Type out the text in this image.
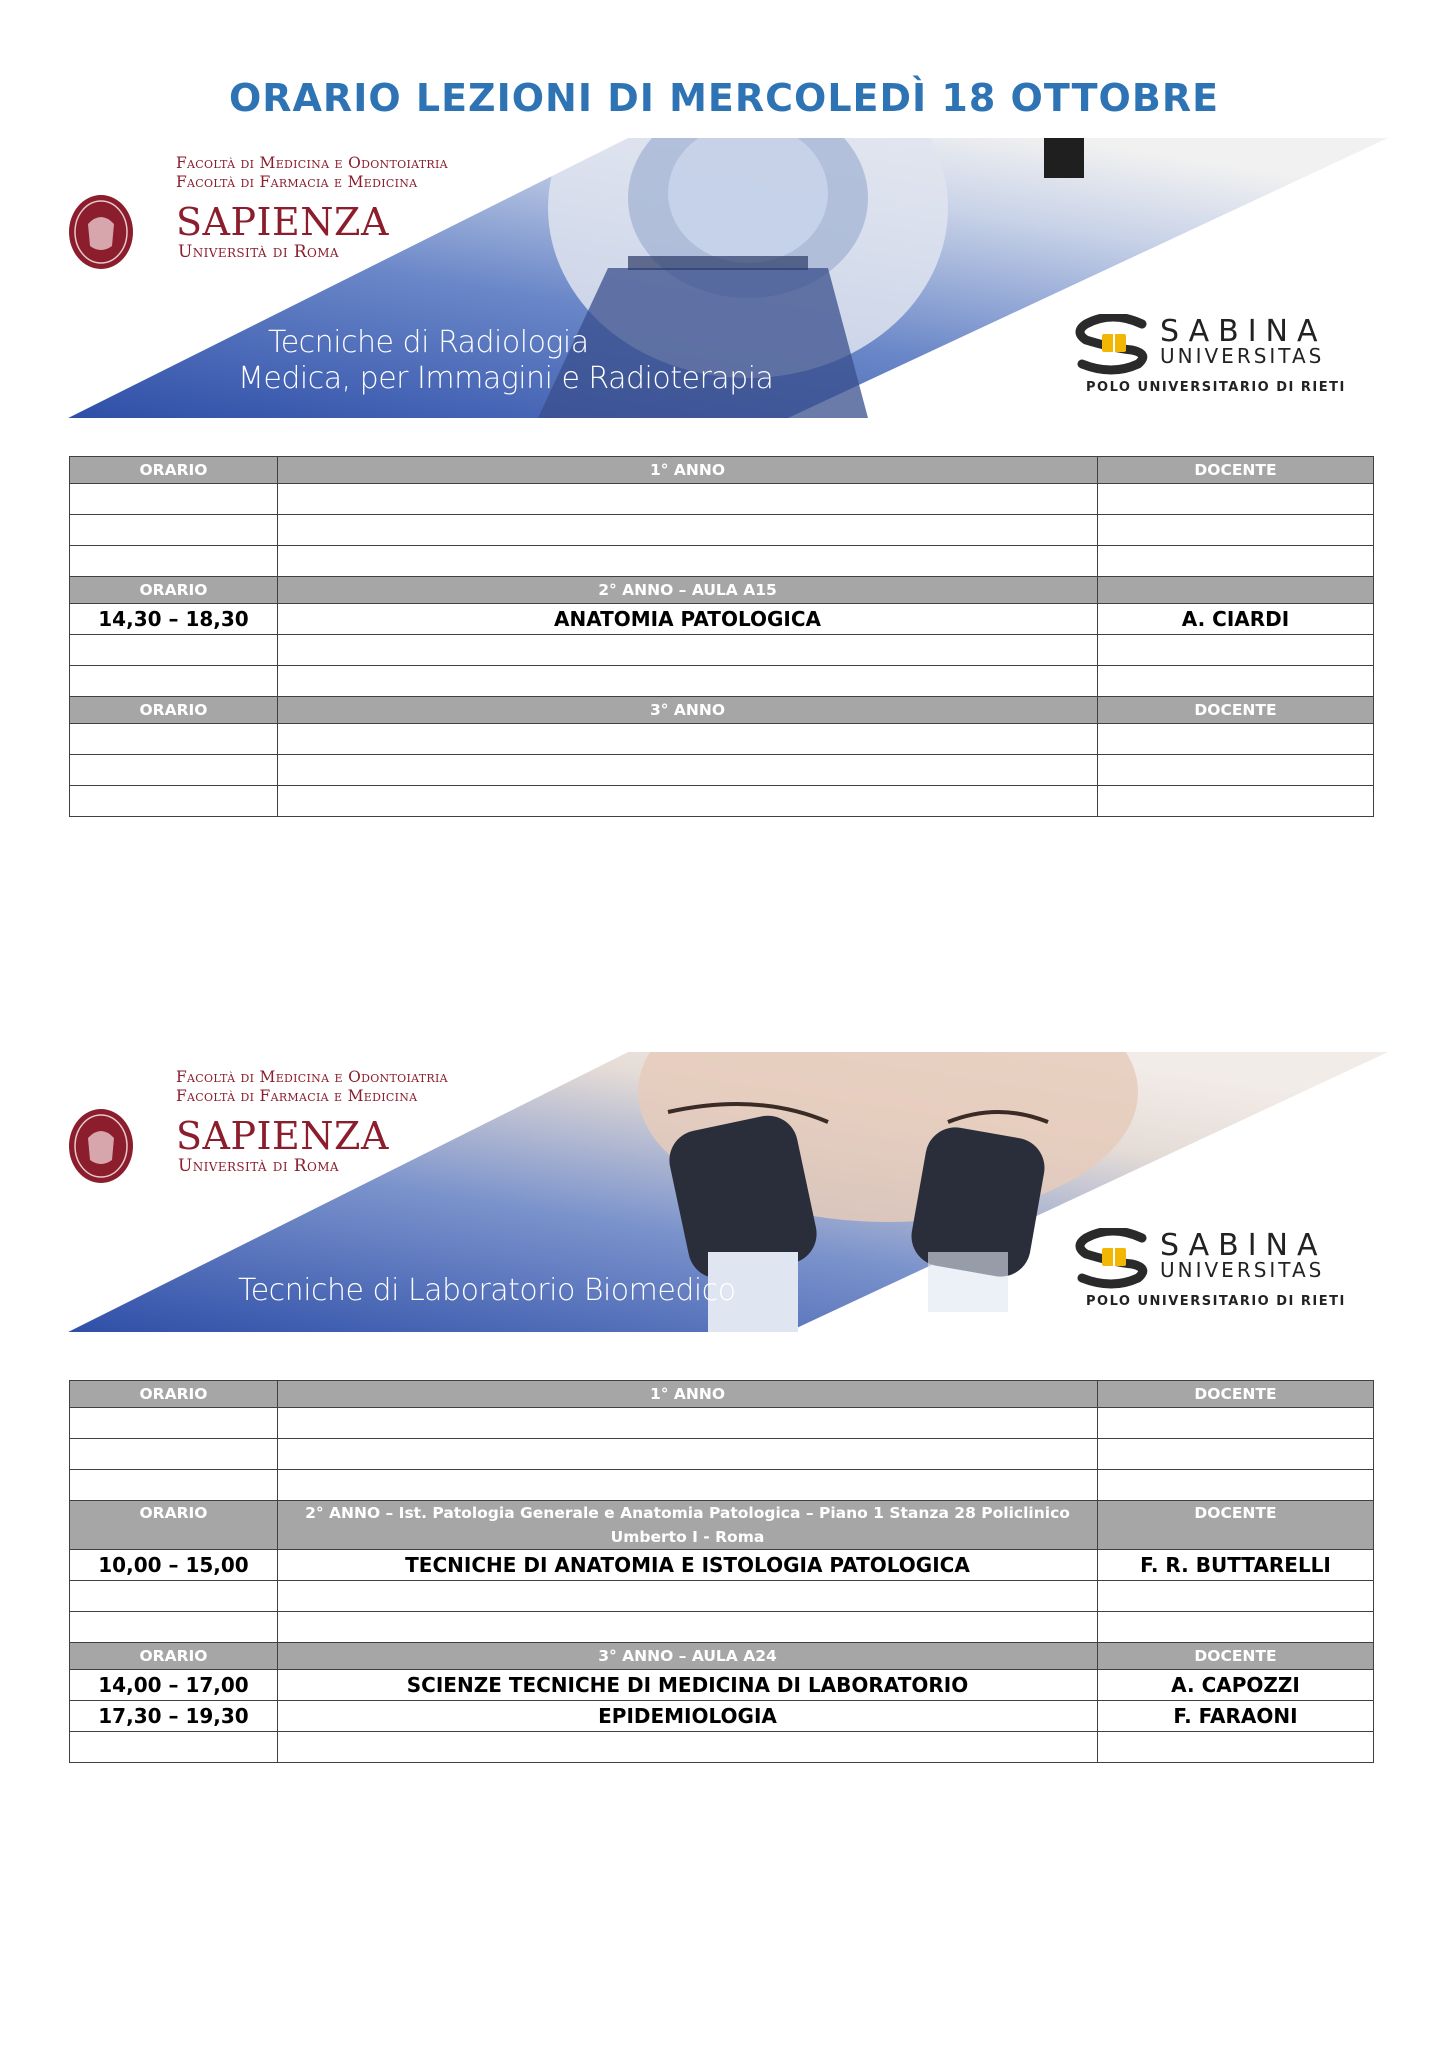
ORARIO LEZIONI DI MERCOLEDÌ 18 OTTOBRE
Facoltà di Medicina e Odontoiatria
Facoltà di Farmacia e Medicina
SAPIENZA
Università di Roma
Tecniche di Radiologia
Medica, per Immagini e Radioterapia
SABINA
UNIVERSITAS
POLO UNIVERSITARIO DI RIETI
ORARIO	1° ANNO	DOCENTE

ORARIO	2° ANNO – AULA A15	
14,30 – 18,30	ANATOMIA PATOLOGICA	A. CIARDI

ORARIO	3° ANNO	DOCENTE

Facoltà di Medicina e Odontoiatria
Facoltà di Farmacia e Medicina
SAPIENZA
Università di Roma
Tecniche di Laboratorio Biomedico
SABINA
UNIVERSITAS
POLO UNIVERSITARIO DI RIETI
ORARIO	1° ANNO	DOCENTE

ORARIO	2° ANNO – Ist. Patologia Generale e Anatomia Patologica – Piano 1 Stanza 28 Policlinico Umberto I - Roma	DOCENTE
10,00 – 15,00	TECNICHE DI ANATOMIA E ISTOLOGIA PATOLOGICA	F. R. BUTTARELLI

ORARIO	3° ANNO – AULA A24	DOCENTE
14,00 – 17,00	SCIENZE TECNICHE DI MEDICINA DI LABORATORIO	A. CAPOZZI
17,30 – 19,30	EPIDEMIOLOGIA	F. FARAONI
